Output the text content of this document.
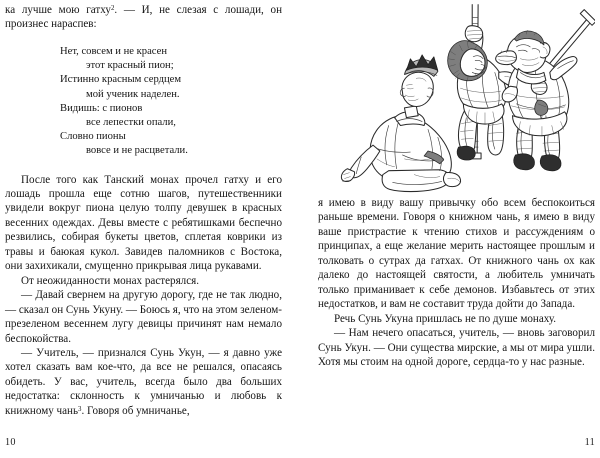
ка лучше мою гатху$^2$. — И, не слезая с лошади, он произнес нараспев:

Нет, совсем и не красен

этот красный пион;

Истинно красным сердцем

мой ученик наделен.

Видишь: с пионов

все лепестки опали,

Словно пионы

вовсе и не расцветали.

После того как Танский монах прочел гатху и его лошадь прошла еще сотню шагов, путешественники увидели вокруг пиона целую толпу девушек в красных весенних одеждах. Девы вместе с ребятишками беспечно резвились, собирая букеты цветов, сплетая коврики из травы и баюкая кукол. Завидев паломников с Востока, они захихикали, смущенно прикрывая лица рукавами.

От неожиданности монах растерялся.

— Давай свернем на другую дорогу, где не так людно, — сказал он Сунь Укуну. — Боюсь я, что на этом зеленом-презеленом весеннем лугу девицы причинят нам немало беспокойства.

— Учитель, — признался Сунь Укун, — я давно уже хотел сказать вам кое-что, да все не решался, опасаясь обидеть. У вас, учитель, всегда было два больших недостатка: склонность к умничанью и любовь к книжному чань$^3$. Говоря об умничанье,

10

я имею в виду вашу привычку обо всем беспокоиться раньше времени. Говоря о книжном чань, я имею в виду ваше пристрастие к чтению стихов и рассуждениям о принципах, а еще желание мерить настоящее прошлым и толковать о сутрах да гатхах. От книжного чань ох как далеко до настоящей святости, а любитель умничать только приманивает к себе демонов. Избавьтесь от этих недостатков, и вам не составит труда дойти до Запада.

Речь Сунь Укуна пришлась не по душе монаху.

— Нам нечего опасаться, учитель, — вновь заговорил Сунь Укун. — Они существа мирские, а мы от мира ушли. Хотя мы стоим на одной дороге, сердца-то у нас разные.

11
